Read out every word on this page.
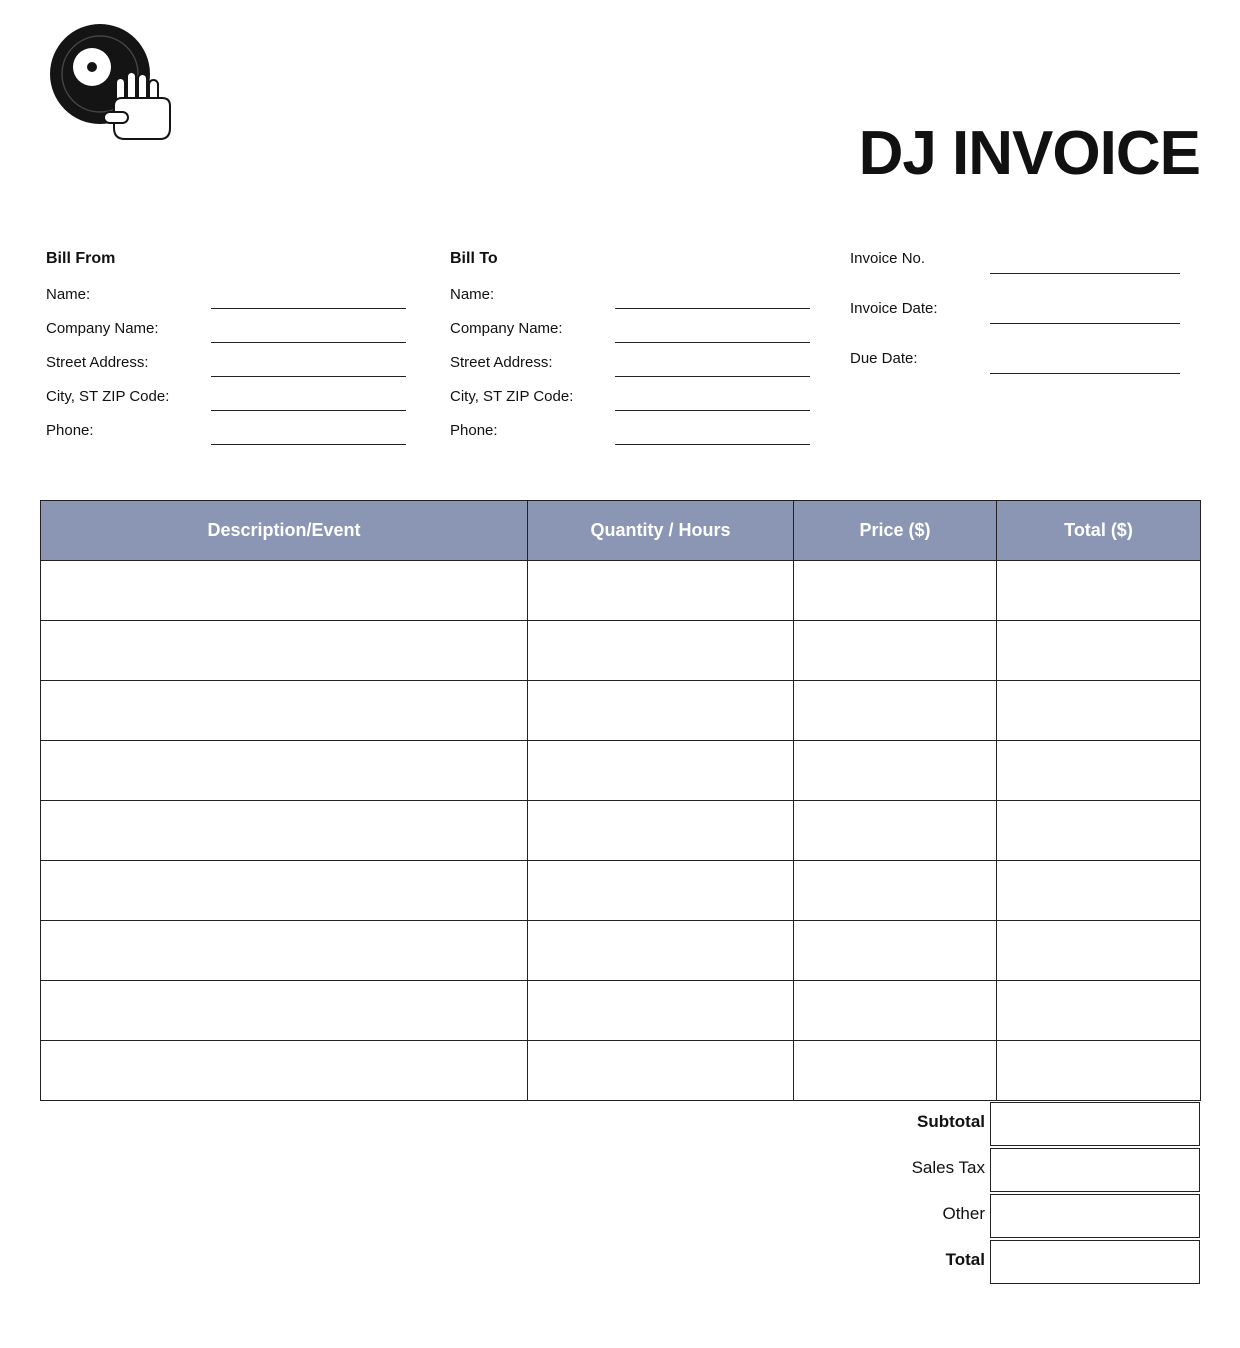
DJ INVOICE
Bill From
Name:
Company Name:
Street Address:
City, ST ZIP Code:
Phone:
Bill To
Name:
Company Name:
Street Address:
City, ST ZIP Code:
Phone:
Invoice No.
Invoice Date:
Due Date:
Description/Event	Quantity / Hours	Price ($)	Total ($)

Subtotal
Sales Tax
Other
Total
